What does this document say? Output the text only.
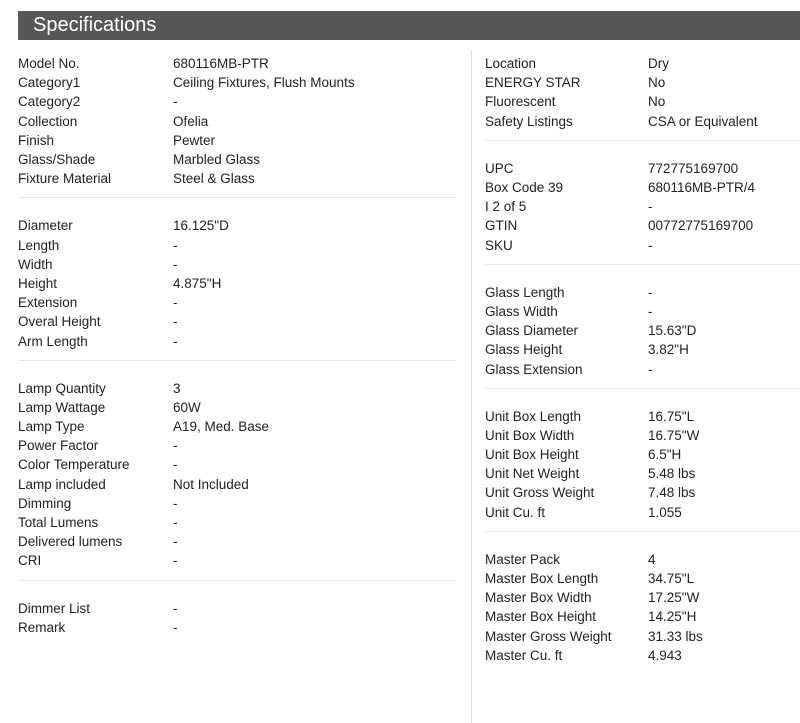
Specifications
Model No.	680116MB-PTR
Category1	Ceiling Fixtures, Flush Mounts
Category2	-
Collection	Ofelia
Finish	Pewter
Glass/Shade	Marbled Glass
Fixture Material	Steel & Glass
Diameter	16.125"D
Length	-
Width	-
Height	4.875"H
Extension	-
Overal Height	-
Arm Length	-
Lamp Quantity	3
Lamp Wattage	60W
Lamp Type	A19, Med. Base
Power Factor	-
Color Temperature	-
Lamp included	Not Included
Dimming	-
Total Lumens	-
Delivered lumens	-
CRI	-
Dimmer List	-
Remark	-
Location	Dry
ENERGY STAR	No
Fluorescent	No
Safety Listings	CSA or Equivalent
UPC	772775169700
Box Code 39	680116MB-PTR/4
I 2 of 5	-
GTIN	00772775169700
SKU	-
Glass Length	-
Glass Width	-
Glass Diameter	15.63"D
Glass Height	3.82"H
Glass Extension	-
Unit Box Length	16.75"L
Unit Box Width	16.75"W
Unit Box Height	6.5"H
Unit Net Weight	5.48 lbs
Unit Gross Weight	7.48 lbs
Unit Cu. ft	1.055
Master Pack	4
Master Box Length	34.75"L
Master Box Width	17.25"W
Master Box Height	14.25"H
Master Gross Weight	31.33 lbs
Master Cu. ft	4.943
